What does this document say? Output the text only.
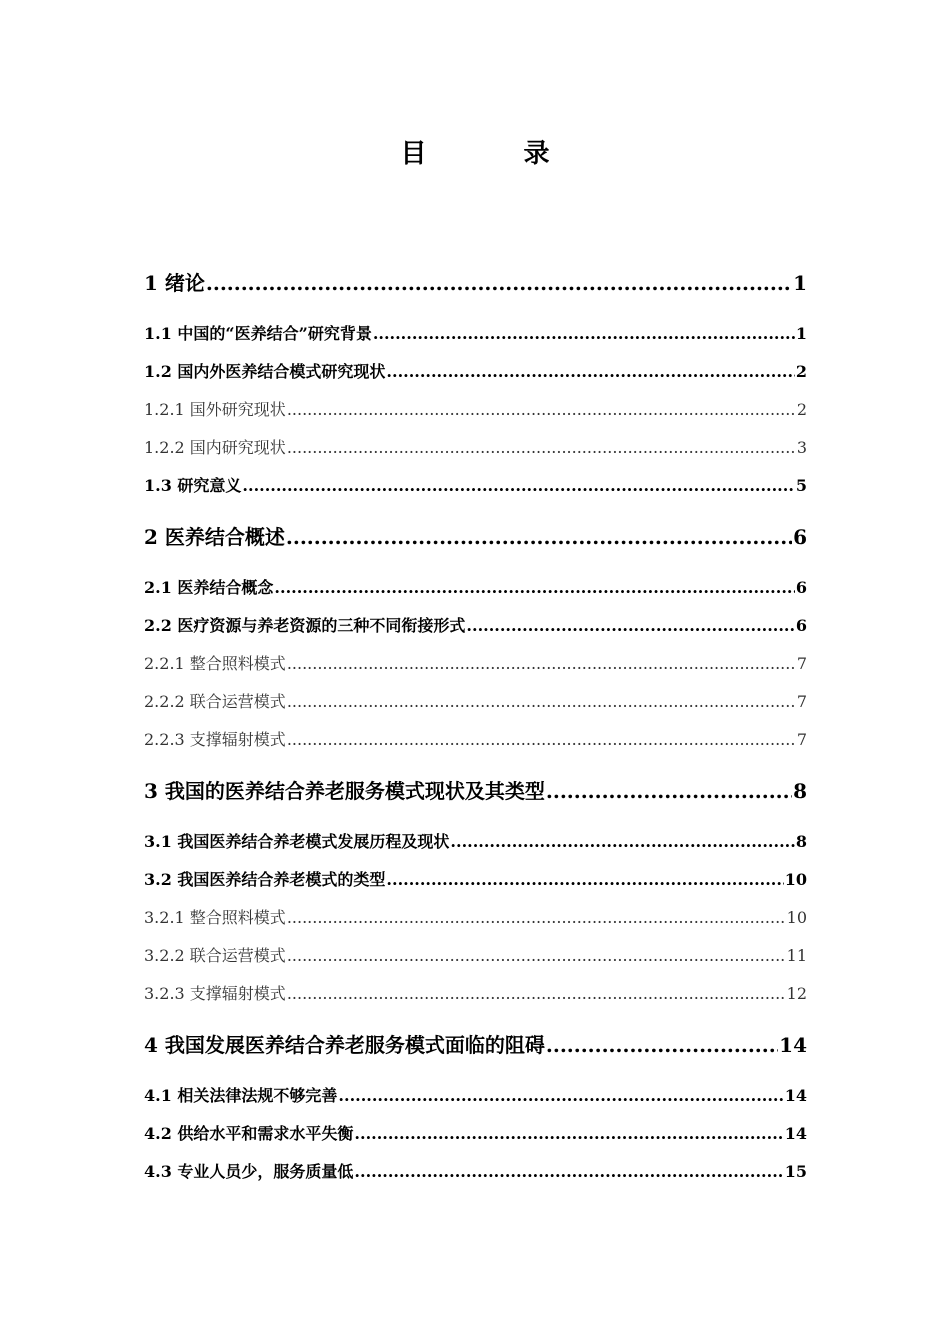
目 录
1 绪论 .....	1
1.1 中国的“医养结合”研究背景 .....	1
1.2 国内外医养结合模式研究现状 .....	2
1.2.1 国外研究现状 .....	2
1.2.2 国内研究现状 .....	3
1.3 研究意义 .....	5
2 医养结合概述 .....	6
2.1 医养结合概念 .....	6
2.2 医疗资源与养老资源的三种不同衔接形式 .....	6
2.2.1 整合照料模式 .....	7
2.2.2 联合运营模式 .....	7
2.2.3 支撑辐射模式 .....	7
3 我国的医养结合养老服务模式现状及其类型 .....	8
3.1 我国医养结合养老模式发展历程及现状 .....	8
3.2 我国医养结合养老模式的类型 .....	10
3.2.1 整合照料模式 .....	10
3.2.2 联合运营模式 .....	11
3.2.3 支撑辐射模式 .....	12
4 我国发展医养结合养老服务模式面临的阻碍 .....	14
4.1 相关法律法规不够完善 .....	14
4.2 供给水平和需求水平失衡 .....	14
4.3 专业人员少，服务质量低 .....	15
